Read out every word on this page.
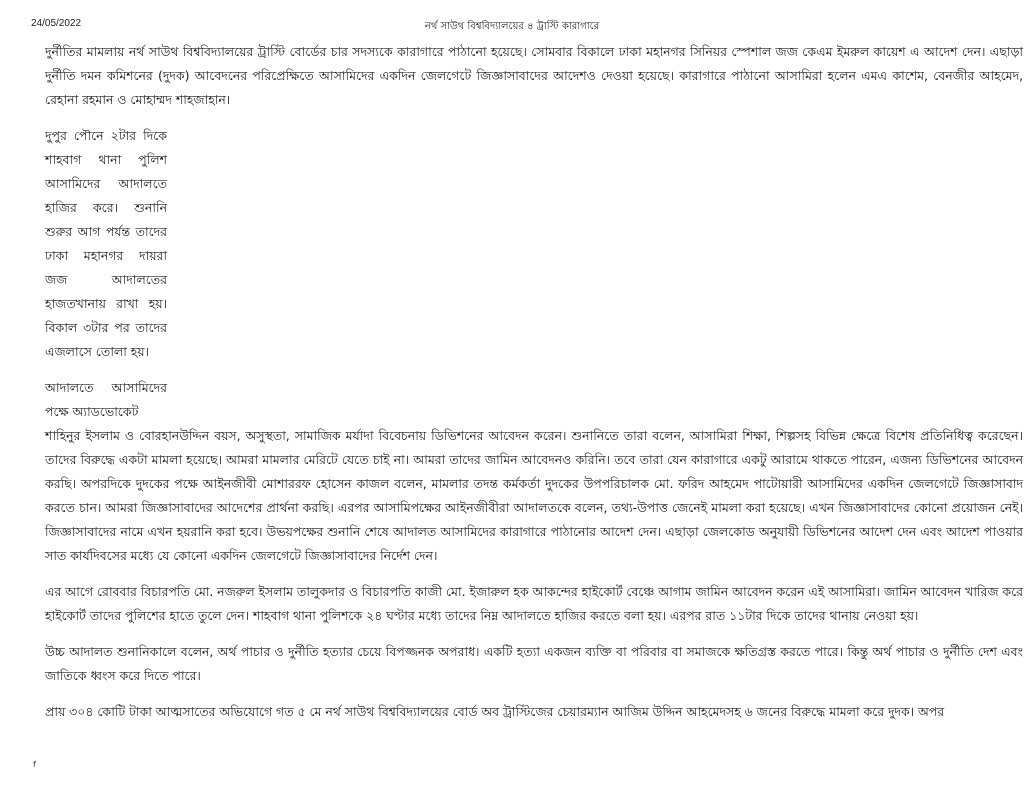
24/05/2022	নর্থ সাউথ বিশ্ববিদ্যালয়ের ৪ ট্রাস্টি কারাগারে

দুর্নীতির মামলায় নর্থ সাউথ বিশ্ববিদ্যালয়ের ট্রাস্টি বোর্ডের চার সদস্যকে কারাগারে পাঠানো হয়েছে। সোমবার বিকালে ঢাকা মহানগর সিনিয়র স্পেশাল জজ কেএম ইমরুল কায়েশ এ আদেশ দেন। এছাড়া দুর্নীতি দমন কমিশনের (দুদক) আবেদনের পরিপ্রেক্ষিতে আসামিদের একদিন জেলগেটে জিজ্ঞাসাবাদের আদেশও দেওয়া হয়েছে। কারাগারে পাঠানো আসামিরা হলেন এমএ কাশেম, বেনজীর আহমেদ, রেহানা রহমান ও মোহাম্মদ শাহজাহান।

দুপুর পৌনে ২টার দিকে শাহবাগ থানা পুলিশ আসামিদের আদালতে হাজির করে। শুনানি শুরুর আগ পর্যন্ত তাদের ঢাকা মহানগর দায়রা জজ আদালতের হাজতখানায় রাখা হয়। বিকাল ৩টার পর তাদের এজলাসে তোলা হয়।

আদালতে আসামিদের পক্ষে অ্যাডভোকেট

শাহিনুর ইসলাম ও বোরহানউদ্দিন বয়স, অসুস্থতা, সামাজিক মর্যাদা বিবেচনায় ডিভিশনের আবেদন করেন। শুনানিতে তারা বলেন, আসামিরা শিক্ষা, শিল্পসহ বিভিন্ন ক্ষেত্রে বিশেষ প্রতিনিধিত্ব করেছেন। তাদের বিরুদ্ধে একটা মামলা হয়েছে। আমরা মামলার মেরিটে যেতে চাই না। আমরা তাদের জামিন আবেদনও করিনি। তবে তারা যেন কারাগারে একটু আরামে থাকতে পারেন, এজন্য ডিভিশনের আবেদন করছি। অপরদিকে দুদকের পক্ষে আইনজীবী মোশাররফ হোসেন কাজল বলেন, মামলার তদন্ত কর্মকর্তা দুদকের উপপরিচালক মো. ফরিদ আহমেদ পাটোয়ারী আসামিদের একদিন জেলগেটে জিজ্ঞাসাবাদ করতে চান। আমরা জিজ্ঞাসাবাদের আদেশের প্রার্থনা করছি। এরপর আসামিপক্ষের আইনজীবীরা আদালতকে বলেন, তথ্য-উপাত্ত জেনেই মামলা করা হয়েছে। এখন জিজ্ঞাসাবাদের কোনো প্রয়োজন নেই। জিজ্ঞাসাবাদের নামে এখন হয়রানি করা হবে। উভয়পক্ষের শুনানি শেষে আদালত আসামিদের কারাগারে পাঠানোর আদেশ দেন। এছাড়া জেলকোড অনুযায়ী ডিভিশনের আদেশ দেন এবং আদেশ পাওয়ার সাত কার্যদিবসের মধ্যে যে কোনো একদিন জেলগেটে জিজ্ঞাসাবাদের নির্দেশ দেন।

এর আগে রোববার বিচারপতি মো. নজরুল ইসলাম তালুকদার ও বিচারপতি কাজী মো. ইজারুল হক আকন্দের হাইকোর্ট বেঞ্চে আগাম জামিন আবেদন করেন এই আসামিরা। জামিন আবেদন খারিজ করে হাইকোর্ট তাদের পুলিশের হাতে তুলে দেন। শাহবাগ থানা পুলিশকে ২৪ ঘণ্টার মধ্যে তাদের নিম্ন আদালতে হাজির করতে বলা হয়। এরপর রাত ১১টার দিকে তাদের থানায় নেওয়া হয়।

উচ্চ আদালত শুনানিকালে বলেন, অর্থ পাচার ও দুর্নীতি হত্যার চেয়ে বিপজ্জনক অপরাধ। একটি হত্যা একজন ব্যক্তি বা পরিবার বা সমাজকে ক্ষতিগ্রস্ত করতে পারে। কিন্তু অর্থ পাচার ও দুর্নীতি দেশ এবং জাতিকে ধ্বংস করে দিতে পারে।

প্রায় ৩০৪ কোটি টাকা আত্মসাতের অভিযোগে গত ৫ মে নর্থ সাউথ বিশ্ববিদ্যালয়ের বোর্ড অব ট্রাস্টিজের চেয়ারম্যান আজিম উদ্দিন আহমেদসহ ৬ জনের বিরুদ্ধে মামলা করে দুদক। অপর

f
